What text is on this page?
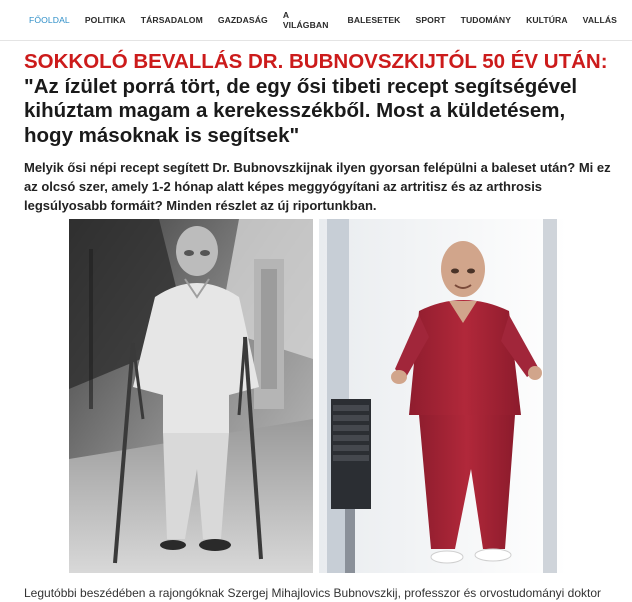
FŐOLDAL POLITIKA TÁRSADALOM GAZDASÁG A VILÁGBAN	BALESETEK SPORT TUDOMÁNY KULTÚRA VALLÁS
SOKKOLÓ BEVALLÁS DR. BUBNOVSZKIJTÓL 50 ÉV UTÁN: "Az ízület porrá tört, de egy ősi tibeti recept segítségével kihúztam magam a kerekesszékből. Most a küldetésem, hogy másoknak is segítsek"

Melyik ősi népi recept segített Dr. Bubnovszkijnak ilyen gyorsan felépülni a baleset után? Mi ez az olcsó szer, amely 1-2 hónap alatt képes meggyógyítani az artritisz és az arthrosis legsúlyosabb formáit? Minden részlet az új riportunkban.

Legutóbbi beszédében a rajongóknak Szergej Mihajlovics Bubnovszkij, professzor és orvostudományi doktor
